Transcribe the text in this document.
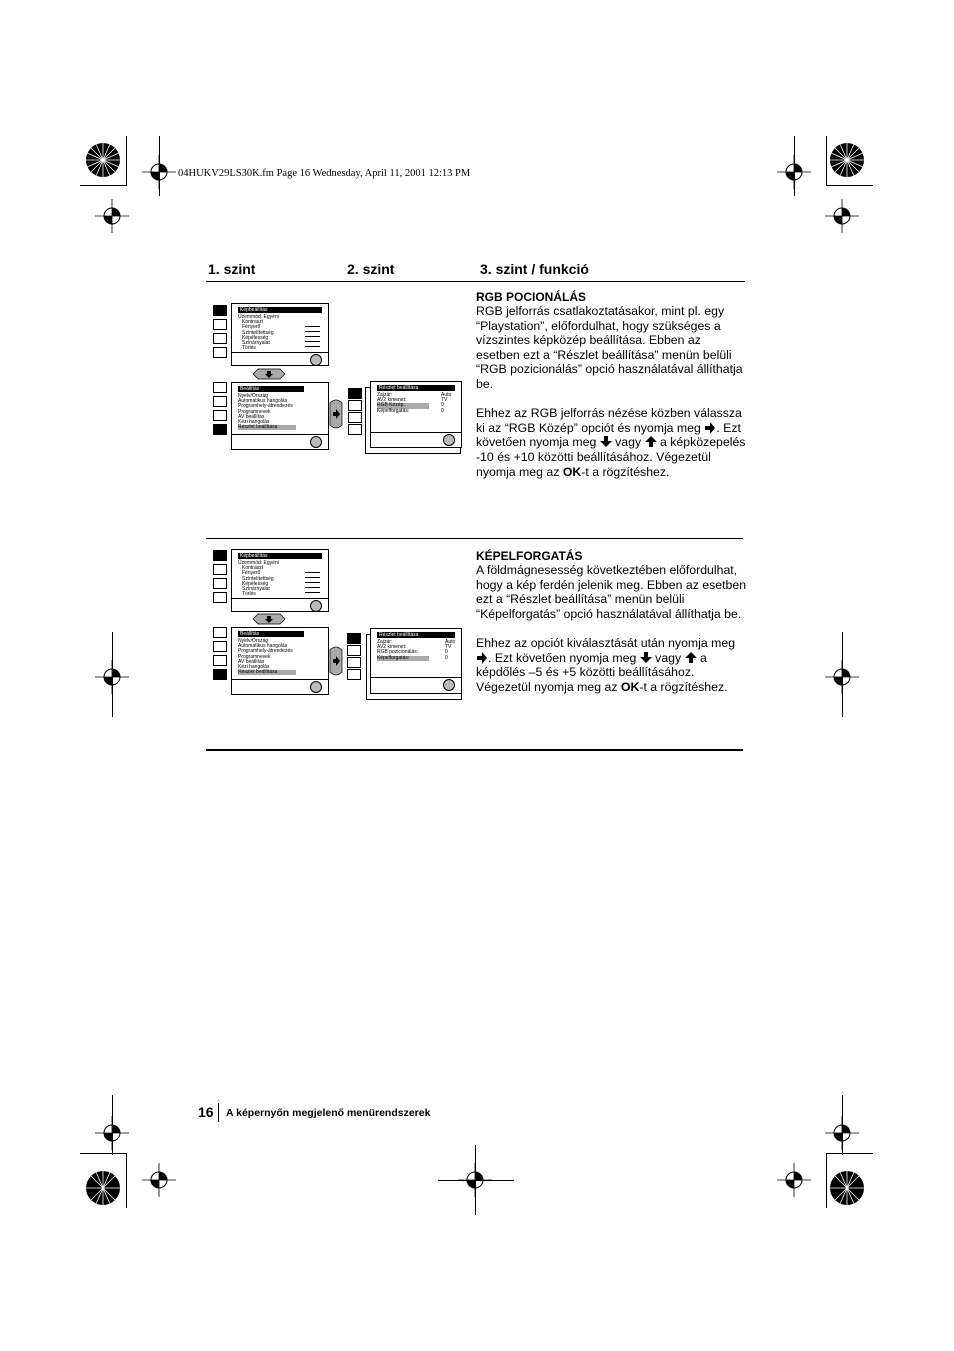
04HUKV29LS30K.fm Page 16 Wednesday, April 11, 2001 12:13 PM
1. szint	2. szint	3. szint / funkció
Képbeállítás
Üzemmód: Egyéni
Kontraszt
Fényerő
Színtelítettség
Képélesség
Színárnyalat
Törlés
Beállítás
Nyelv/Ország
Automatikus hangolás
Programhely-átrendezés
Programnevek
AV beállítás
Kézi hangolás
Részlet beállítása
Részlet beállítása
Zajzár:
AV2 kimenet:
RGB Közép:
Képelforgatás:
Auto
TV
0
0
RGB POCIONÁLÁS

RGB jelforrás csatlakoztatásakor, mint pl. egy “Playstation”, előfordulhat, hogy szükséges a vízszintes képközép beállítása. Ebben az esetben ezt a “Részlet beállítása” menün belüli “RGB pozicionálás” opció használatával állíthatja be.

Ehhez az RGB jelforrás nézése közben válassza ki az “RGB Közép” opciót és nyomja meg . Ezt követően nyomja meg vagy a képközepelés -10 és +10 közötti beállításához. Végezetül nyomja meg az OK-t a rögzítéshez.

Képbeállítás
Üzemmód: Egyéni
Kontraszt
Fényerő
Színtelítettség
Képélesség
Színárnyalat
Törlés
Beállítás
Nyelv/Ország
Automatikus hangolás
Programhely-átrendezés
Programnevek
AV beállítás
Kézi hangolás
Részlet beállítása
Részlet beállítása
Zajzár:
AV2 kimenet:
RGB pozicionálás:
Képelforgatás:
Auto
TV
0
0
KÉPELFORGATÁS

A földmágnesesség következtében előfordulhat, hogy a kép ferdén jelenik meg. Ebben az esetben ezt a “Részlet beállítása” menün belüli “Képelforgatás” opció használatával állíthatja be.

Ehhez az opciót kiválasztását után nyomja meg . Ezt követően nyomja meg vagy a képdőlés –5 és +5 közötti beállításához. Végezetül nyomja meg az OK-t a rögzítéshez.

16 A képernyőn megjelenő menürendszerek
